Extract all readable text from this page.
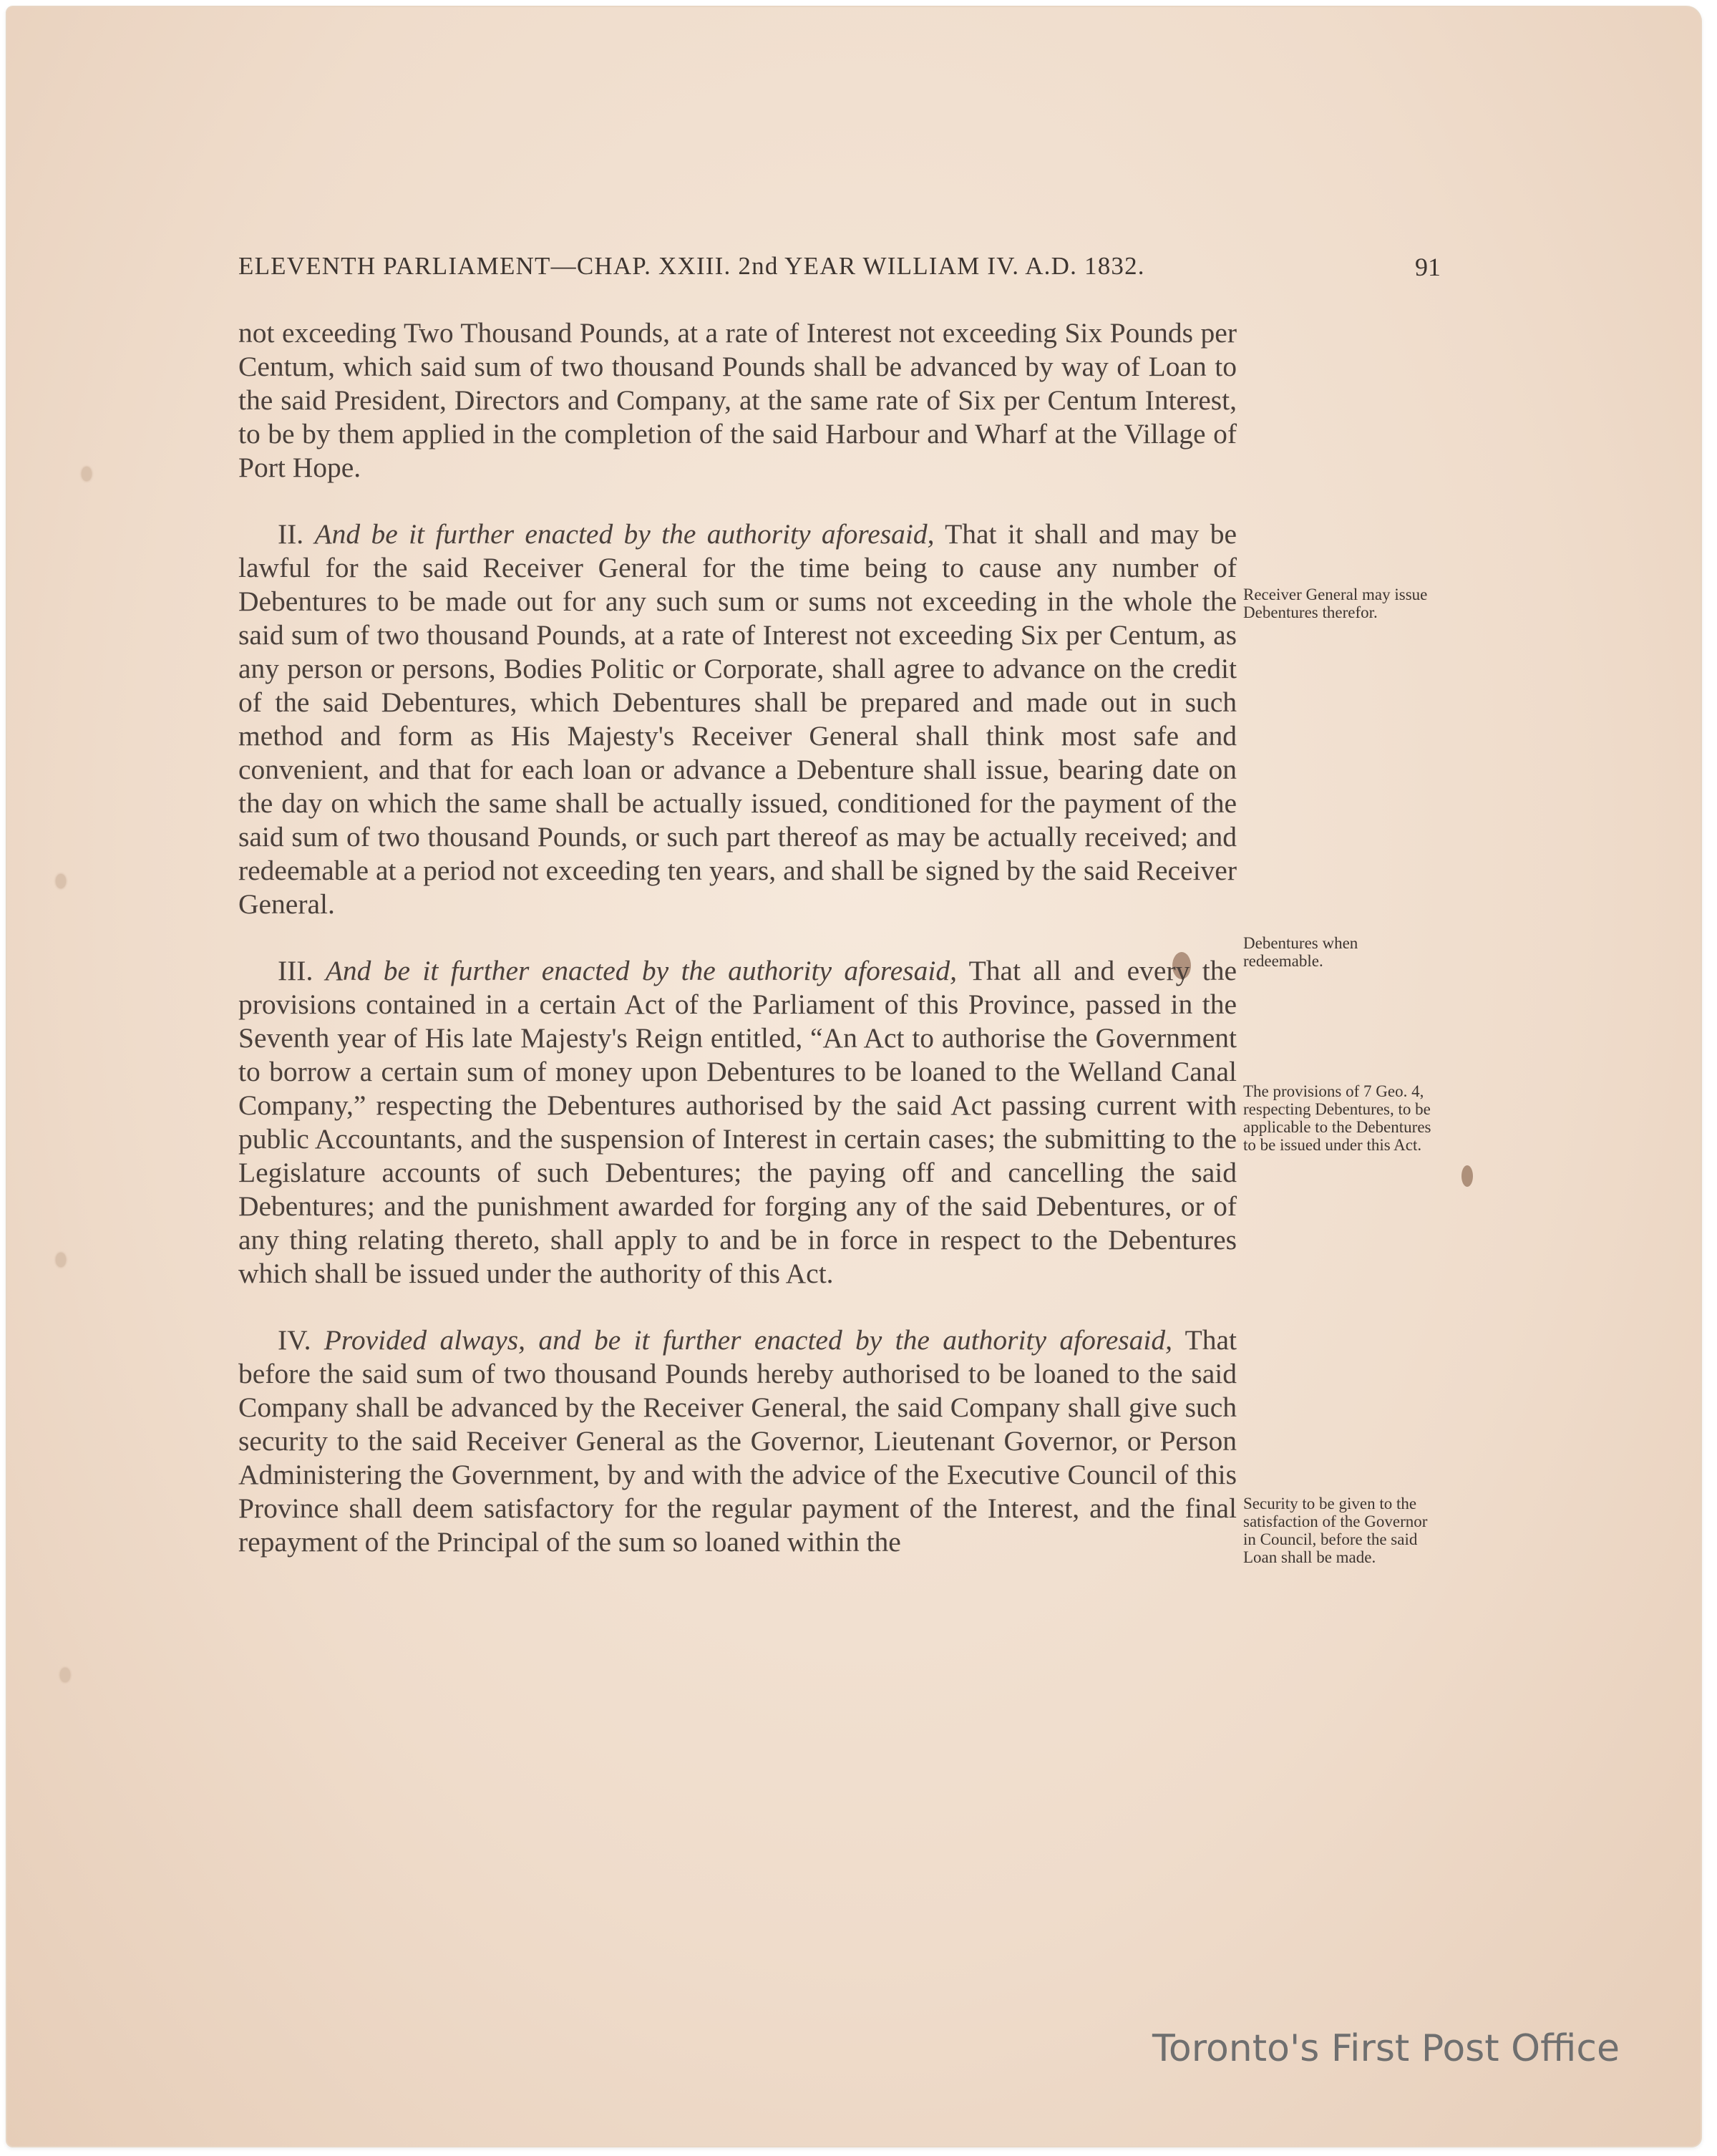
ELEVENTH PARLIAMENT—CHAP. XXIII. 2nd YEAR WILLIAM IV. A.D. 1832.	91

not exceeding Two Thousand Pounds, at a rate of Interest not exceeding Six Pounds per Centum, which said sum of two thousand Pounds shall be advanced by way of Loan to the said President, Directors and Company, at the same rate of Six per Centum Interest, to be by them applied in the completion of the said Harbour and Wharf at the Village of Port Hope.

II. And be it further enacted by the authority aforesaid, That it shall and may be lawful for the said Receiver General for the time being to cause any number of Debentures to be made out for any such sum or sums not exceeding in the whole the said sum of two thousand Pounds, at a rate of Interest not exceeding Six per Centum, as any person or persons, Bodies Politic or Corporate, shall agree to advance on the credit of the said Debentures, which Debentures shall be prepared and made out in such method and form as His Majesty's Receiver General shall think most safe and convenient, and that for each loan or advance a Debenture shall issue, bearing date on the day on which the same shall be actually issued, conditioned for the payment of the said sum of two thousand Pounds, or such part thereof as may be actually received; and redeemable at a period not exceeding ten years, and shall be signed by the said Receiver General.

III. And be it further enacted by the authority aforesaid, That all and every the provisions contained in a certain Act of the Parliament of this Province, passed in the Seventh year of His late Majesty's Reign entitled, “An Act to authorise the Government to borrow a certain sum of money upon Debentures to be loaned to the Welland Canal Company,” respecting the Debentures authorised by the said Act passing current with public Accountants, and the suspension of Interest in certain cases; the submitting to the Legislature accounts of such Debentures; the paying off and cancelling the said Debentures; and the punishment awarded for forging any of the said Debentures, or of any thing relating thereto, shall apply to and be in force in respect to the Debentures which shall be issued under the authority of this Act.

IV. Provided always, and be it further enacted by the authority aforesaid, That before the said sum of two thousand Pounds hereby authorised to be loaned to the said Company shall be advanced by the Receiver General, the said Company shall give such security to the said Receiver General as the Governor, Lieutenant Governor, or Person Administering the Government, by and with the advice of the Executive Council of this Province shall deem satisfactory for the regular payment of the Interest, and the final repayment of the Principal of the sum so loaned within the

Receiver General may issue Debentures therefor.
Debentures when redeemable.
The provisions of 7 Geo. 4, respecting Debentures, to be applicable to the Debentures to be issued under this Act.
Security to be given to the satisfaction of the Governor in Council, before the said Loan shall be made.
Toronto's First Post Office
